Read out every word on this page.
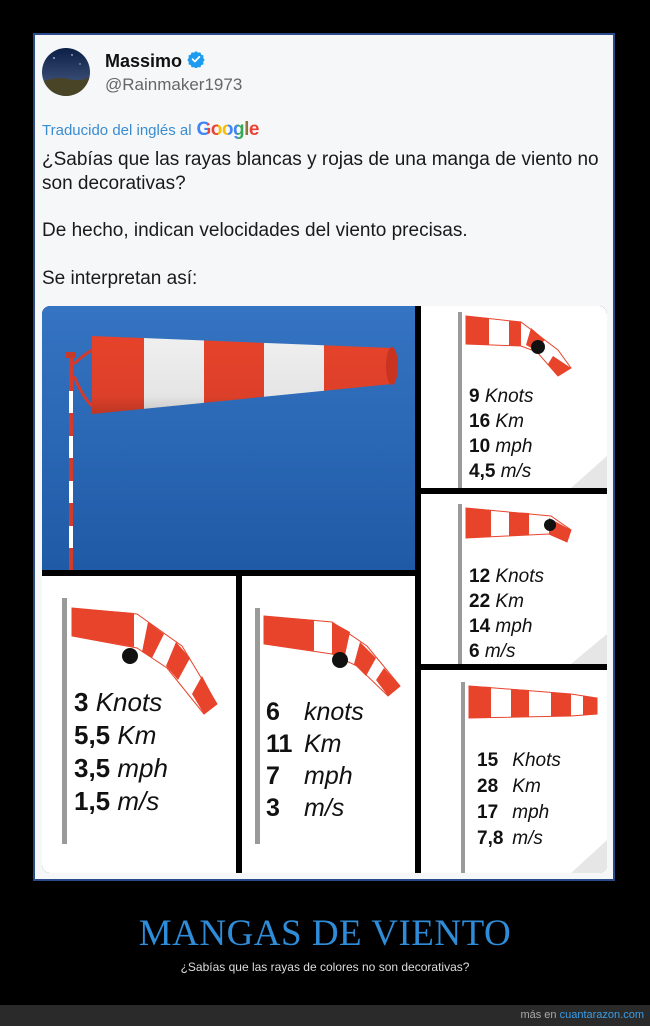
Massimo
@Rainmaker1973
Traducido del inglés al Google

¿Sabías que las rayas blancas y rojas de una manga de viento no son decorativas?

De hecho, indican velocidades del viento precisas.

Se interpretan así:

9 Knots
16 Km
10 mph
4,5 m/s
12 Knots
22 Km
14 mph
6 m/s
3 Knots
5,5 Km
3,5 mph
1,5 m/s
6 knots
11 Km
7 mph
3 m/s
15 Khots
28 Km
17 mph
7,8 m/s
MANGAS DE VIENTO
¿Sabías que las rayas de colores no son decorativas?
más en cuantarazon.com
